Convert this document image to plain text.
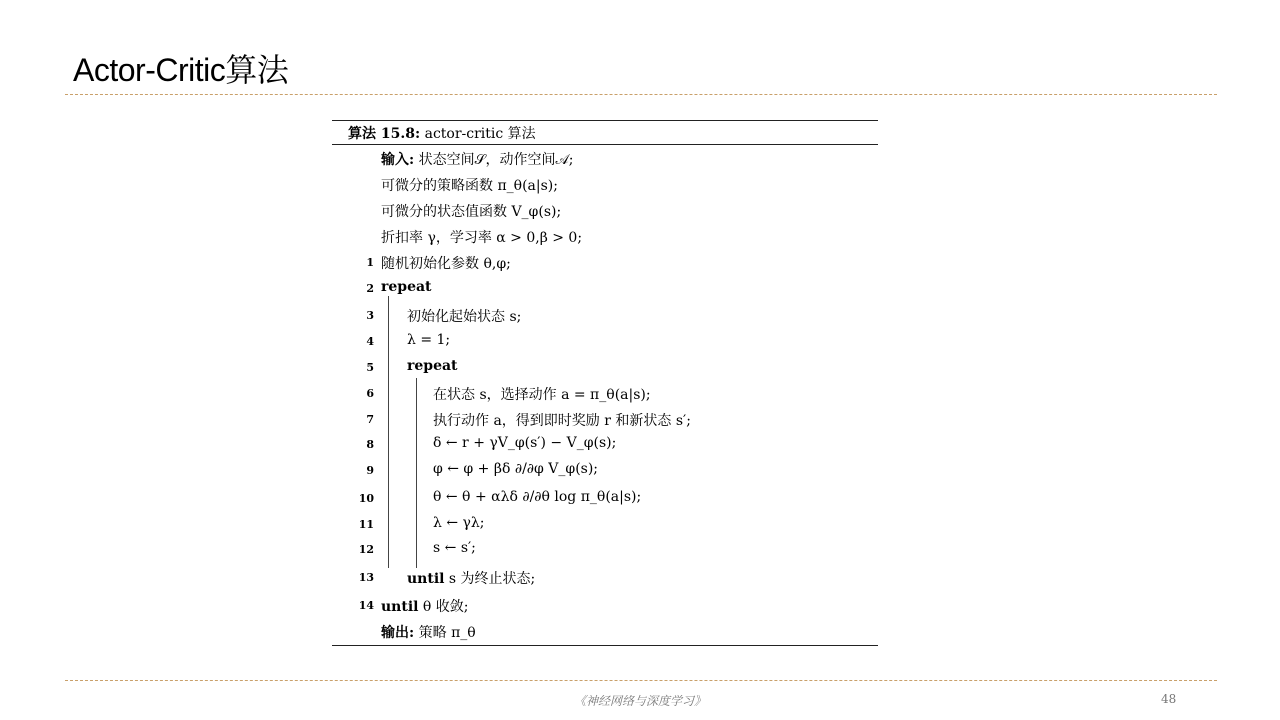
Actor-Critic算法
算法 15.8: actor-critic 算法
输入: 状态空间𝒮，动作空间𝒜;
可微分的策略函数 π_θ(a|s);
可微分的状态值函数 V_φ(s);
折扣率 γ，学习率 α > 0,β > 0;
1 随机初始化参数 θ,φ;
2 repeat
3 初始化起始状态 s;
4 λ = 1;
5 repeat
6	在状态 s，选择动作 a = π_θ(a|s);
7	执行动作 a，得到即时奖励 r 和新状态 s′;
8	δ ← r + γV_φ(s′) − V_φ(s);
9	φ ← φ + βδ ∂/∂φ V_φ(s);
10	θ ← θ + αλδ ∂/∂θ log π_θ(a|s);
11	λ ← γλ;
12	s ← s′;
13 until s 为终止状态;
14 until θ 收敛;
输出: 策略 π_θ
《神经网络与深度学习》	48
